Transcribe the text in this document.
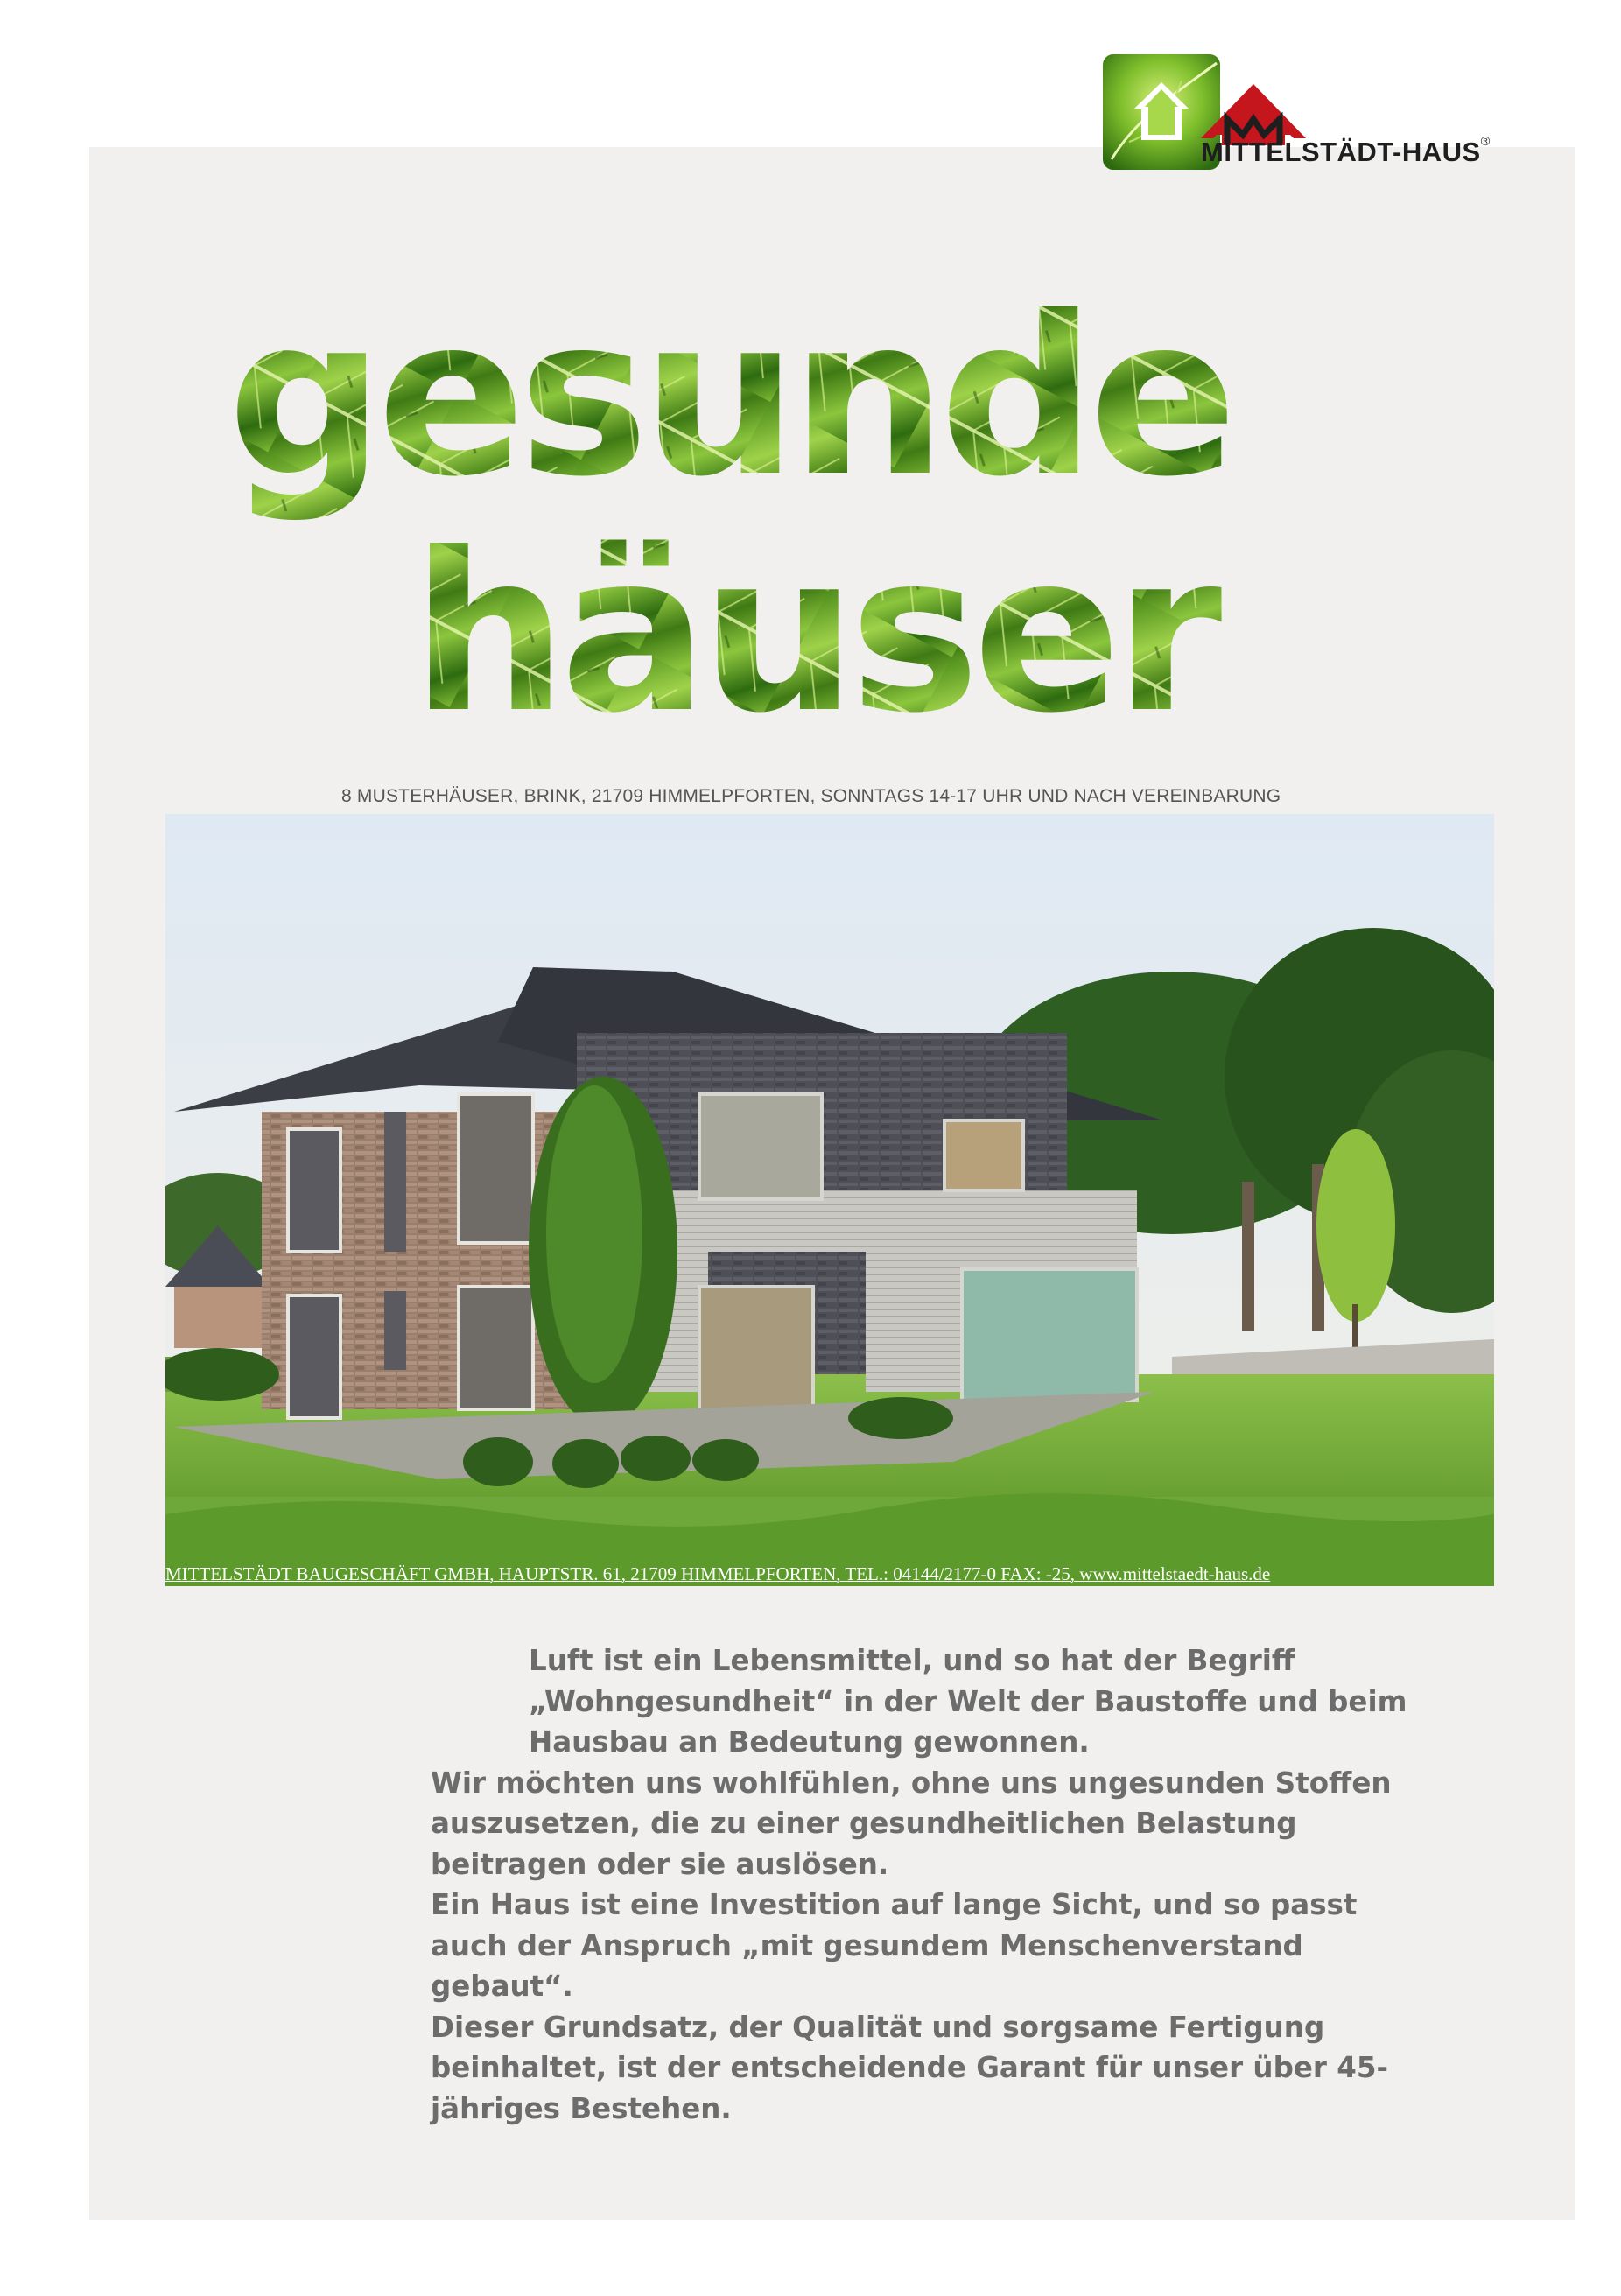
MITTELSTÄDT-HAUS
®
gesunde
häuser
8 MUSTERHÄUSER, BRINK, 21709 HIMMELPFORTEN, SONNTAGS 14-17 UHR UND NACH VEREINBARUNG
MITTELSTÄDT BAUGESCHÄFT GMBH, HAUPTSTR. 61, 21709 HIMMELPFORTEN, TEL.: 04144/2177-0 FAX: -25, www.mittelstaedt-haus.de

Luft ist ein Lebensmittel, und so hat der Begriff „Wohngesundheit“ in der Welt der Baustoffe und beim Hausbau an Bedeutung gewonnen.

Wir möchten uns wohlfühlen, ohne uns ungesunden Stoffen auszusetzen, die zu einer gesundheitlichen Belastung beitragen oder sie auslösen.

Ein Haus ist eine Investition auf lange Sicht, und so passt auch der Anspruch „mit gesundem Menschenverstand gebaut“.

Dieser Grundsatz, der Qualität und sorgsame Fertigung beinhaltet, ist der entscheidende Garant für unser über 45-jähriges Bestehen.
